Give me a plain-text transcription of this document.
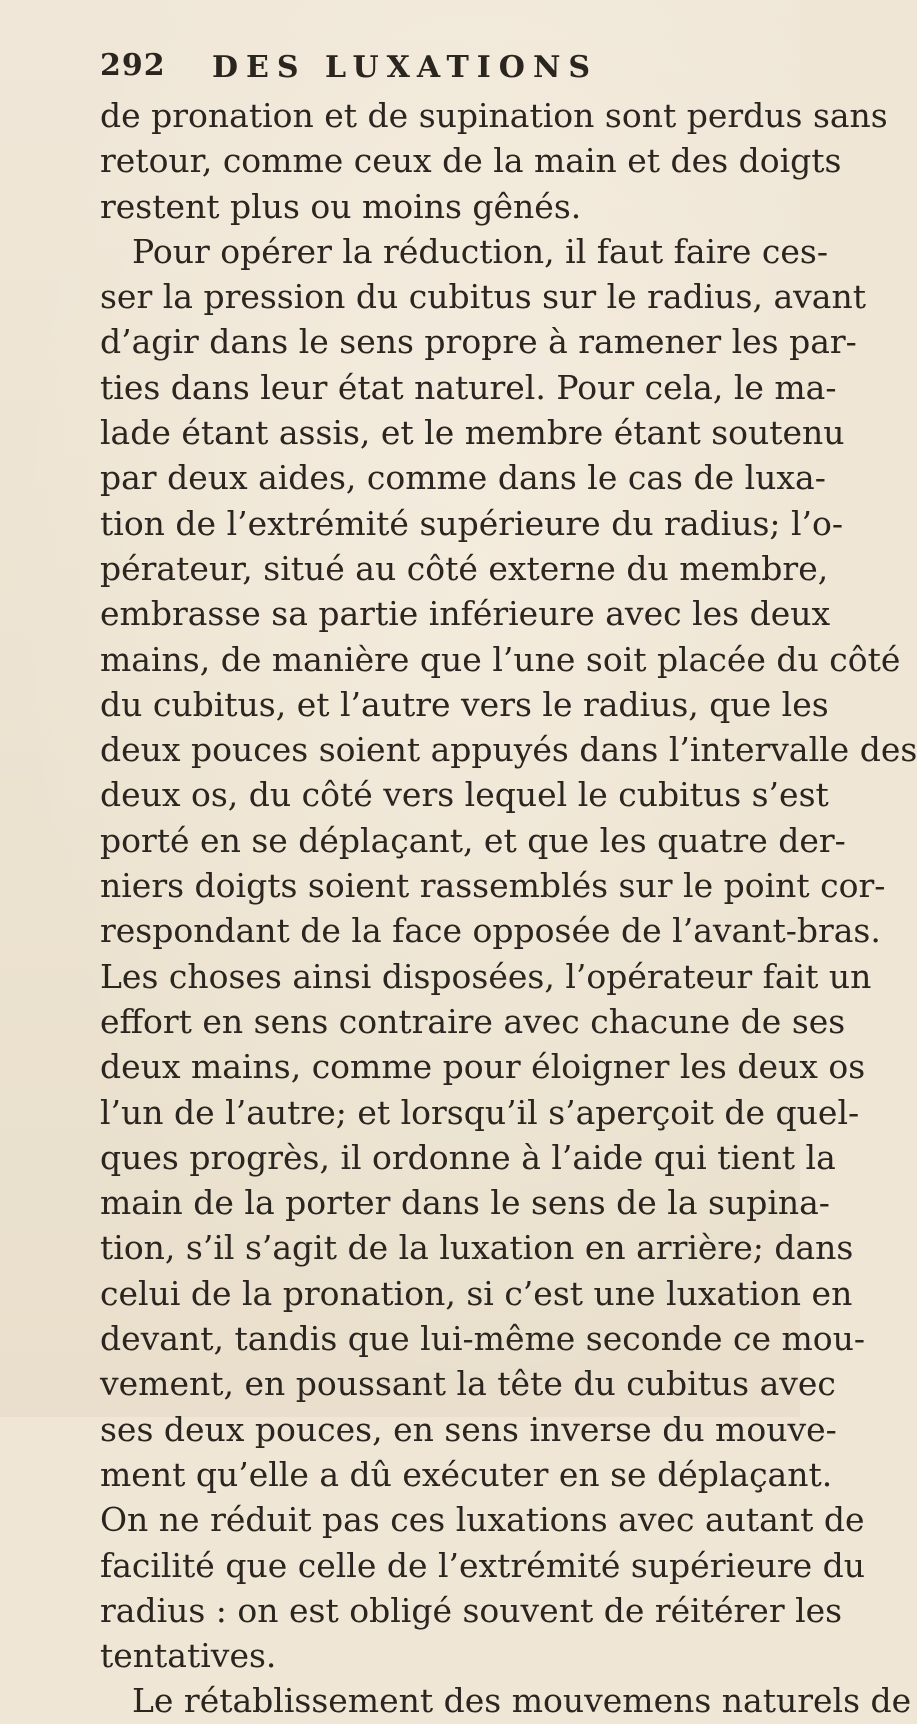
292 DES LUXATIONS
de pronation et de supination sont perdus sans
retour, comme ceux de la main et des doigts
restent plus ou moins gênés.
Pour opérer la réduction, il faut faire ces-
ser la pression du cubitus sur le radius, avant
d’agir dans le sens propre à ramener les par-
ties dans leur état naturel. Pour cela, le ma-
lade étant assis, et le membre étant soutenu
par deux aides, comme dans le cas de luxa-
tion de l’extrémité supérieure du radius; l’o-
pérateur, situé au côté externe du membre,
embrasse sa partie inférieure avec les deux
mains, de manière que l’une soit placée du côté
du cubitus, et l’autre vers le radius, que les
deux pouces soient appuyés dans l’intervalle des
deux os, du côté vers lequel le cubitus s’est
porté en se déplaçant, et que les quatre der-
niers doigts soient rassemblés sur le point cor-
respondant de la face opposée de l’avant-bras.
Les choses ainsi disposées, l’opérateur fait un
effort en sens contraire avec chacune de ses
deux mains, comme pour éloigner les deux os
l’un de l’autre; et lorsqu’il s’aperçoit de quel-
ques progrès, il ordonne à l’aide qui tient la
main de la porter dans le sens de la supina-
tion, s’il s’agit de la luxation en arrière; dans
celui de la pronation, si c’est une luxation en
devant, tandis que lui-même seconde ce mou-
vement, en poussant la tête du cubitus avec
ses deux pouces, en sens inverse du mouve-
ment qu’elle a dû exécuter en se déplaçant.
On ne réduit pas ces luxations avec autant de
facilité que celle de l’extrémité supérieure du
radius : on est obligé souvent de réitérer les
tentatives.
Le rétablissement des mouvemens naturels de
